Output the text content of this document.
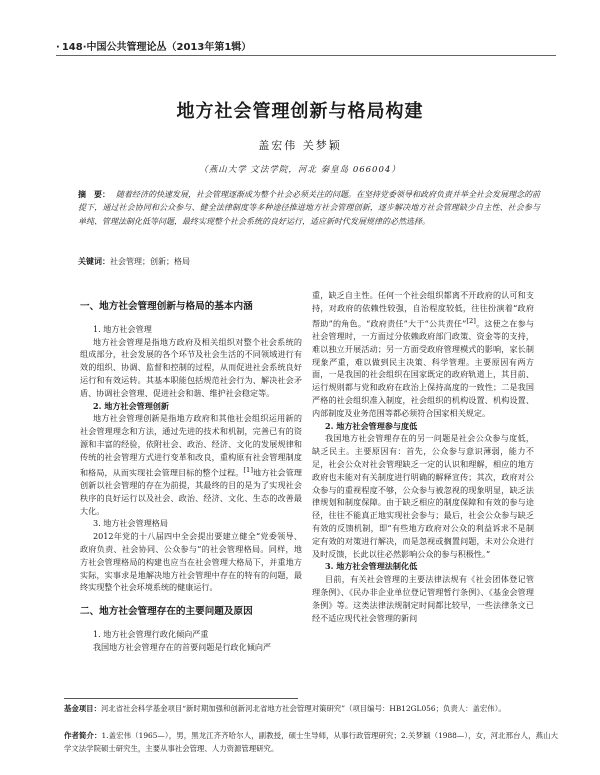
· 148·中国公共管理论丛（2013年第1辑）
地方社会管理创新与格局构建
盖宏伟 关梦颖
（燕山大学 文法学院，河北 秦皇岛 066004）
摘　要： 随着经济的快速发展，社会管理逐渐成为整个社会必须关注的问题。在坚持党委领导和政府负责并举全社会发展理念的前提下，通过社会协同和公众参与、健全法律制度等多种途径推进地方社会管理创新，逐步解决地方社会管理缺少自主性、社会参与单纯、管理法制化低等问题，最终实现整个社会系统的良好运行，适应新时代发展规律的必然选择。
关键词：社会管理；创新；格局
一、地方社会管理创新与格局的基本内涵

1. 地方社会管理

地方社会管理是指地方政府及相关组织对整个社会系统的组成部分，社会发展的各个环节及社会生活的不同领域进行有效的组织、协调、监督和控制的过程，从而促进社会系统良好运行和有效运转。其基本职能包括规范社会行为、解决社会矛盾、协调社会管理、促进社会和谐、维护社会稳定等。

2. 地方社会管理创新

地方社会管理创新是指地方政府和其他社会组织运用新的社会管理理念和方法，通过先进的技术和机制，完善已有的资源和丰富的经验，依附社会、政治、经济、文化的发展规律和传统的社会管理方式进行变革和改良，重构原有社会管理制度和格局，从而实现社会管理目标的整个过程。[1]地方社会管理创新以社会管理的存在为前提，其最终的目的是为了实现社会秩序的良好运行以及社会、政治、经济、文化、生态的改善最大化。

3. 地方社会管理格局

2012年党的十八届四中全会提出要建立健全“党委领导、政府负责、社会协同、公众参与”的社会管理格局。同样，地方社会管理格局的构建也应当在社会管理大格局下，并重地方实际，实事求是地解决地方社会管理中存在的特有的问题，最终实现整个社会环境系统的健康运行。

二、地方社会管理存在的主要问题及原因

1. 地方社会管理行政化倾向严重

我国地方社会管理存在的首要问题是行政化倾向严

重，缺乏自主性。任何一个社会组织都离不开政府的认可和支持，对政府的依赖性较强，自治程度较低，往往扮演着“政府帮助”的角色。“政府责任”大于“公共责任”[2]。这使之在参与社会管理时，一方面过分依赖政府部门政策、资金等的支持，难以独立开展活动；另一方面受政府管理模式的影响，家长制现象严重，难以做到民主决策、科学管理。主要原因有两方面，一是我国的社会组织在国家既定的政府轨道上，其目前、运行规则都与党和政府在政治上保持高度的一致性；二是我国严格的社会组织准入制度，社会组织的机构设置、机构设置、内部制度及业务范围等都必须符合国家相关规定。

2. 地方社会管理参与度低

我国地方社会管理存在的另一问题是社会公众参与度低，缺乏民主。主要原因有：首先，公众参与意识薄弱，能力不足，社会公众对社会管理缺乏一定的认识和理解，相应的地方政府也未能对有关制度进行明确的解释宣传；其次，政府对公众参与的重视程度不够，公众参与被忽视的现象明显，缺乏法律规划和制度保障。由于缺乏相应的制度保障和有效的参与途径，往往不能真正地实现社会参与；最后，社会公众参与缺乏有效的反馈机制，即“有些地方政府对公众的利益诉求不是制定有效的对策进行解决，而是忽视或搁置问题，未对公众进行及时反馈，长此以往必然影响公众的参与积极性。”

3. 地方社会管理法制化低

目前，有关社会管理的主要法律法规有《社会团体登记管理条例》、《民办非企业单位登记管理暂行条例》、《基金会管理条例》等。这类法律法规制定时间都比较早，一些法律条文已经不适应现代社会管理的新问

基金项目：河北省社会科学基金项目“新时期加强和创新河北省地方社会管理对策研究”（项目编号：HB12GL056；负责人：盖宏伟）。
作者简介：1.盖宏伟（1965—），男，黑龙江齐齐哈尔人，副教授，硕士生导师，从事行政管理研究；2.关梦颖（1988—），女，河北邢台人，燕山大学文法学院硕士研究生，主要从事社会管理、人力资源管理研究。
